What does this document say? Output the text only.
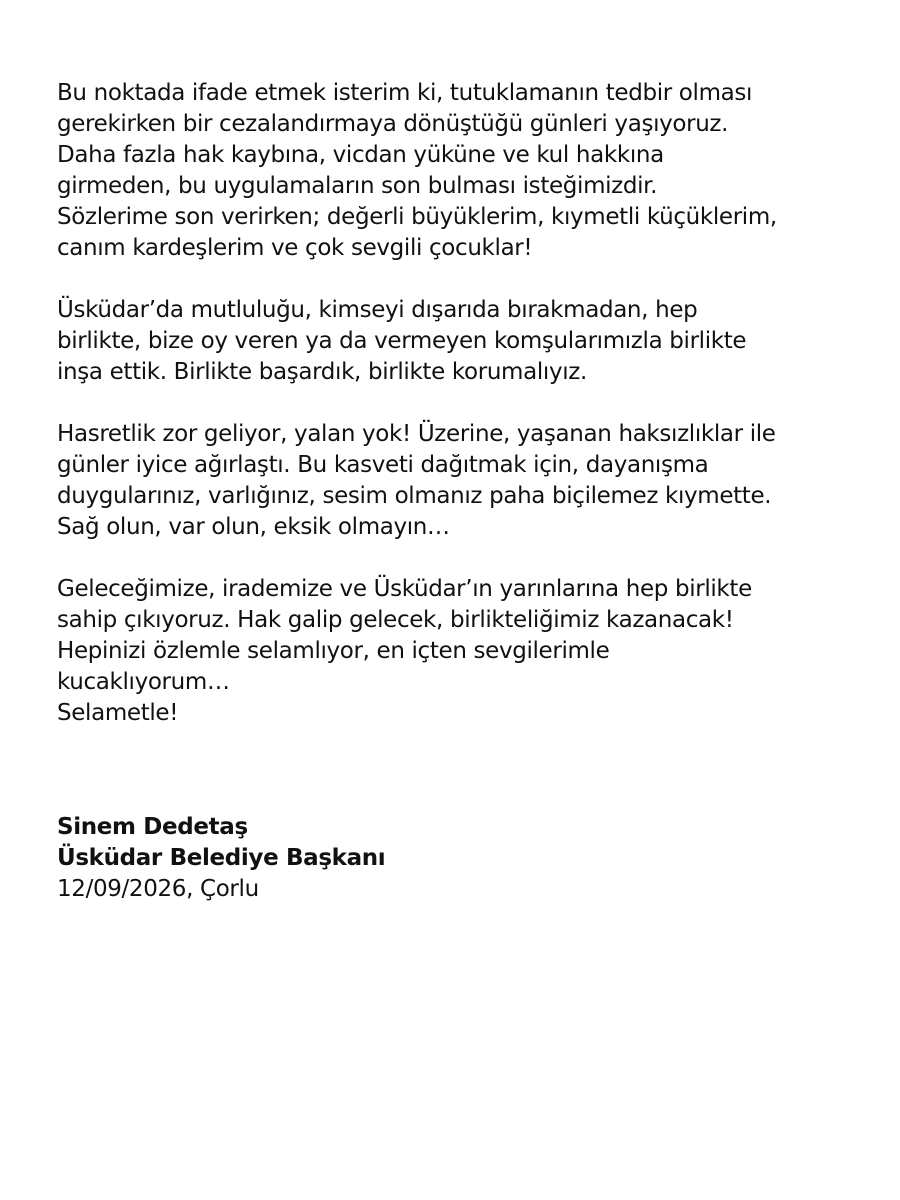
Bu noktada ifade etmek isterim ki, tutuklamanın tedbir olması
gerekirken bir cezalandırmaya dönüştüğü günleri yaşıyoruz.
Daha fazla hak kaybına, vicdan yüküne ve kul hakkına
girmeden, bu uygulamaların son bulması isteğimizdir.
Sözlerime son verirken; değerli büyüklerim, kıymetli küçüklerim,
canım kardeşlerim ve çok sevgili çocuklar!
Üsküdar’da mutluluğu, kimseyi dışarıda bırakmadan, hep
birlikte, bize oy veren ya da vermeyen komşularımızla birlikte
inşa ettik. Birlikte başardık, birlikte korumalıyız.
Hasretlik zor geliyor, yalan yok! Üzerine, yaşanan haksızlıklar ile
günler iyice ağırlaştı. Bu kasveti dağıtmak için, dayanışma
duygularınız, varlığınız, sesim olmanız paha biçilemez kıymette.
Sağ olun, var olun, eksik olmayın…
Geleceğimize, irademize ve Üsküdar’ın yarınlarına hep birlikte
sahip çıkıyoruz. Hak galip gelecek, birlikteliğimiz kazanacak!
Hepinizi özlemle selamlıyor, en içten sevgilerimle
kucaklıyorum…
Selametle!
Sinem Dedetaş
Üsküdar Belediye Başkanı
12/09/2026, Çorlu
